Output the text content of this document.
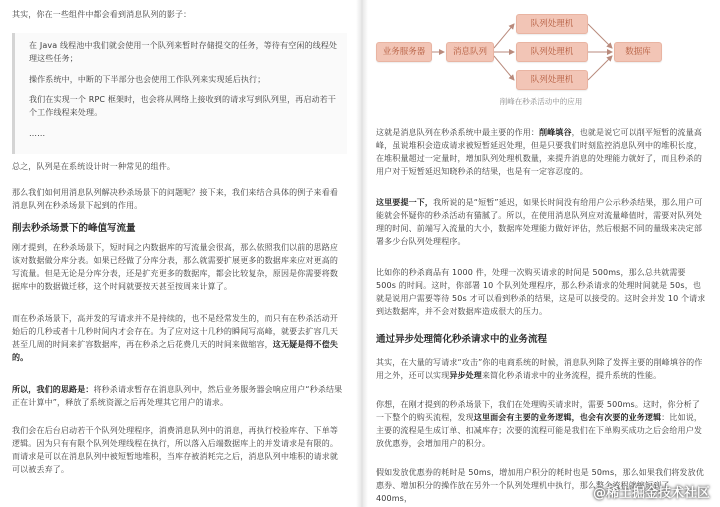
其实，你在一些组件中都会看到消息队列的影子：

在 Java 线程池中我们就会使用一个队列来暂时存储提交的任务，等待有空闲的线程处理这些任务；

操作系统中，中断的下半部分也会使用工作队列来实现延后执行；

我们在实现一个 RPC 框架时，也会将从网络上接收到的请求写到队列里，再启动若干个工作线程来处理。

……

总之，队列是在系统设计时一种常见的组件。

那么我们如何用消息队列解决秒杀场景下的问题呢？接下来，我们来结合具体的例子来看看消息队列在秒杀场景下起到的作用。

削去秒杀场景下的峰值写流量

刚才提到，在秒杀场景下，短时间之内数据库的写流量会很高，那么依照我们以前的思路应该对数据做分库分表。如果已经做了分库分表，那么就需要扩展更多的数据库来应对更高的写流量。但是无论是分库分表，还是扩充更多的数据库，都会比较复杂，原因是你需要将数据库中的数据做迁移，这个时间就要按天甚至按周来计算了。

而在秒杀场景下，高并发的写请求并不是持续的，也不是经常发生的，而只有在秒杀活动开始后的几秒或者十几秒时间内才会存在。为了应对这十几秒的瞬间写高峰，就要去扩容几天甚至几周的时间来扩容数据库，再在秒杀之后花费几天的时间来做缩容，这无疑是得不偿失的。

所以，我们的思路是：将秒杀请求暂存在消息队列中，然后业务服务器会响应用户“秒杀结果正在计算中”，释放了系统资源之后再处理其它用户的请求。

我们会在后台启动若干个队列处理程序，消费消息队列中的消息，再执行校验库存、下单等逻辑。因为只有有限个队列处理线程在执行，所以落入后端数据库上的并发请求是有限的。而请求是可以在消息队列中被短暂地堆积，当库存被消耗完之后，消息队列中堆积的请求就可以被丢弃了。

业务服务器	消息队列
队列处理机
队列处理机
队列处理机
数据库
削峰在秒杀活动中的应用

这就是消息队列在秒杀系统中最主要的作用：削峰填谷，也就是说它可以削平短暂的流量高峰，虽说堆积会造成请求被短暂延迟处理，但是只要我们时刻监控消息队列中的堆积长度，在堆积量超过一定量时，增加队列处理机数量，来提升消息的处理能力就好了，而且秒杀的用户对于短暂延迟知晓秒杀的结果，也是有一定容忍度的。

这里要提一下，我所说的是“短暂”延迟，如果长时间没有给用户公示秒杀结果，那么用户可能就会怀疑你的秒杀活动有猫腻了。所以，在使用消息队列应对流量峰值时，需要对队列处理的时间、前端写入流量的大小，数据库处理能力做好评估，然后根据不同的量级来决定部署多少台队列处理程序。

比如你的秒杀商品有 1000 件，处理一次购买请求的时间是 500ms，那么总共就需要 500s 的时间。这时，你部署 10 个队列处理程序，那么秒杀请求的处理时间就是 50s，也就是说用户需要等待 50s 才可以看到秒杀的结果，这是可以接受的。这时会并发 10 个请求到达数据库，并不会对数据库造成很大的压力。

通过异步处理简化秒杀请求中的业务流程

其实，在大量的写请求“攻击”你的电商系统的时候，消息队列除了发挥主要的削峰填谷的作用之外，还可以实现异步处理来简化秒杀请求中的业务流程，提升系统的性能。

你想，在刚才提到的秒杀场景下，我们在处理购买请求时，需要 500ms。这时，你分析了一下整个的购买流程，发现这里面会有主要的业务逻辑，也会有次要的业务逻辑：比如说，主要的流程是生成订单、扣减库存；次要的流程可能是我们在下单购买成功之后会给用户发放优惠券，会增加用户的积分。

假如发放优惠券的耗时是 50ms，增加用户积分的耗时也是 50ms，那么如果我们将发放优惠券、增加积分的操作放在另外一个队列处理机中执行，那么整个流程就缩短到了 400ms，	@稀土掘金技术社区
